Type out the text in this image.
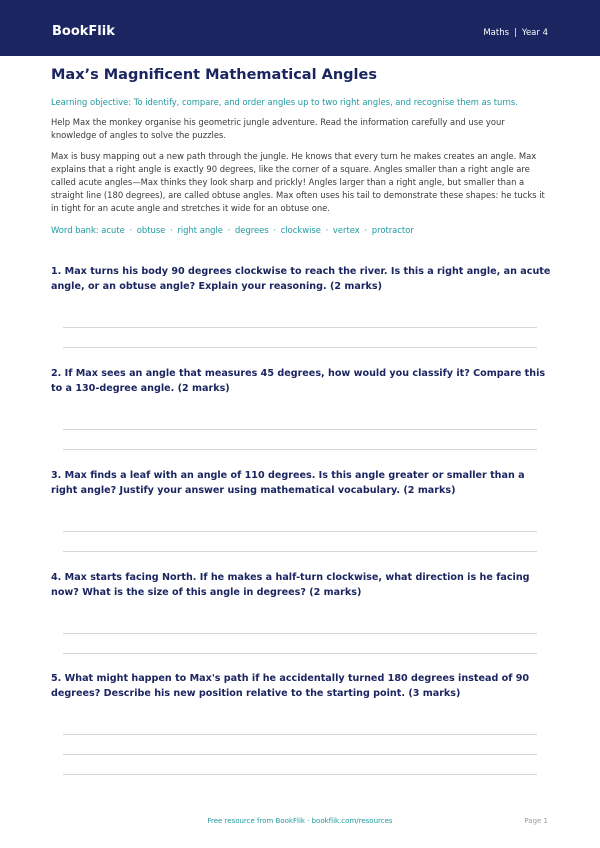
BookFlik	Maths | Year 4
Max’s Magnificent Mathematical Angles

Learning objective: To identify, compare, and order angles up to two right angles, and recognise them as turns.

Help Max the monkey organise his geometric jungle adventure. Read the information carefully and use your knowledge of angles to solve the puzzles.

Max is busy mapping out a new path through the jungle. He knows that every turn he makes creates an angle. Max explains that a right angle is exactly 90 degrees, like the corner of a square. Angles smaller than a right angle are called acute angles—Max thinks they look sharp and prickly! Angles larger than a right angle, but smaller than a straight line (180 degrees), are called obtuse angles. Max often uses his tail to demonstrate these shapes: he tucks it in tight for an acute angle and stretches it wide for an obtuse one.

Word bank: acute · obtuse · right angle · degrees · clockwise · vertex · protractor

1. Max turns his body 90 degrees clockwise to reach the river. Is this a right angle, an acute angle, or an obtuse angle? Explain your reasoning. (2 marks)

2. If Max sees an angle that measures 45 degrees, how would you classify it? Compare this to a 130-degree angle. (2 marks)

3. Max finds a leaf with an angle of 110 degrees. Is this angle greater or smaller than a right angle? Justify your answer using mathematical vocabulary. (2 marks)

4. Max starts facing North. If he makes a half-turn clockwise, what direction is he facing now? What is the size of this angle in degrees? (2 marks)

5. What might happen to Max's path if he accidentally turned 180 degrees instead of 90 degrees? Describe his new position relative to the starting point. (3 marks)

Free resource from BookFlik · bookflik.com/resources	Page 1
